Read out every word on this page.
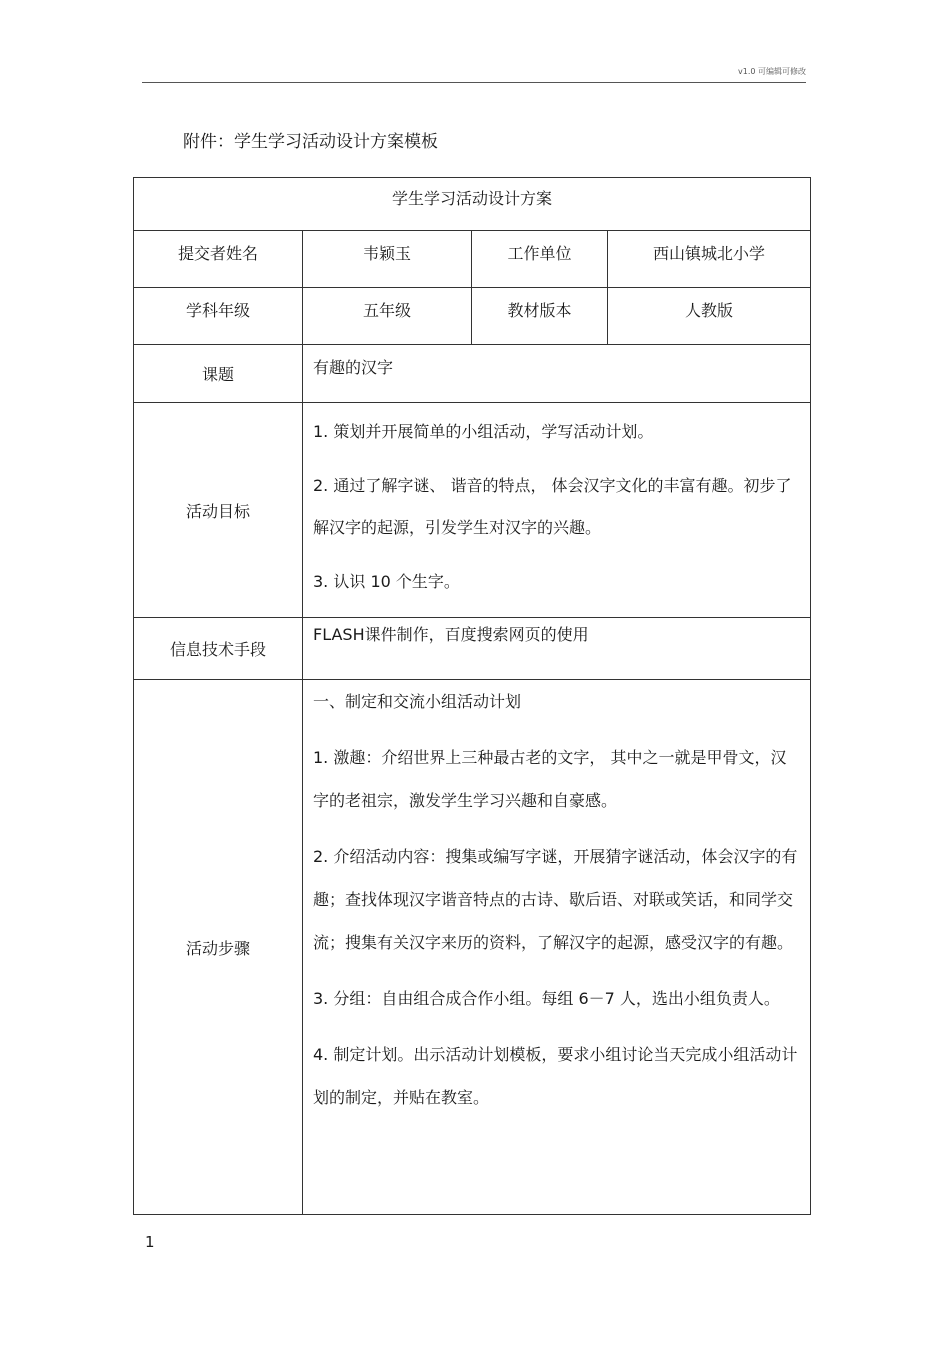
v1.0 可编辑可修改
附件：学生学习活动设计方案模板
学生学习活动设计方案			
提交者姓名	韦颖玉	工作单位	西山镇城北小学
学科年级	五年级	教材版本	人教版
课题	有趣的汉字		
活动目标	1. 策划并开展简单的小组活动，学写活动计划。

2. 通过了解字谜、 谐音的特点， 体会汉字文化的丰富有趣。初步了解汉字的起源，引发学生对汉字的兴趣。

3. 认识 10 个生字。		

信息技术手段	FLASH课件制作，百度搜索网页的使用		
活动步骤	一、制定和交流小组活动计划

1. 激趣：介绍世界上三种最古老的文字， 其中之一就是甲骨文，汉字的老祖宗，激发学生学习兴趣和自豪感。

2. 介绍活动内容：搜集或编写字谜，开展猜字谜活动，体会汉字的有趣；查找体现汉字谐音特点的古诗、歇后语、对联或笑话，和同学交流；搜集有关汉字来历的资料，了解汉字的起源，感受汉字的有趣。

3. 分组：自由组合成合作小组。每组 6－7 人，选出小组负责人。

4. 制定计划。出示活动计划模板，要求小组讨论当天完成小组活动计划的制定，并贴在教室。		

1
